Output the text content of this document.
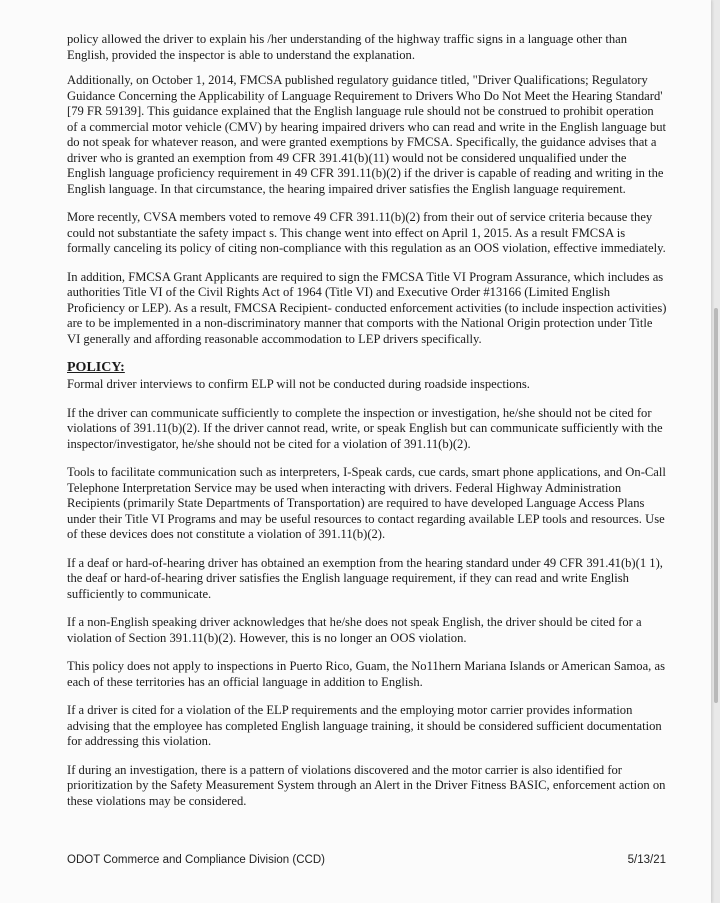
policy allowed the driver to explain his /her understanding of the highway traffic signs in a language other than English, provided the inspector is able to understand the explanation.

Additionally, on October 1, 2014, FMCSA published regulatory guidance titled, "Driver Qualifications; Regulatory Guidance Concerning the Applicability of Language Requirement to Drivers Who Do Not Meet the Hearing Standard' [79 FR 59139]. This guidance explained that the English language rule should not be construed to prohibit operation of a commercial motor vehicle (CMV) by hearing impaired drivers who can read and write in the English language but do not speak for whatever reason, and were granted exemptions by FMCSA. Specifically, the guidance advises that a driver who is granted an exemption from 49 CFR 391.41(b)(11) would not be considered unqualified under the English language proficiency requirement in 49 CFR 391.11(b)(2) if the driver is capable of reading and writing in the English language. In that circumstance, the hearing impaired driver satisfies the English language requirement.

More recently, CVSA members voted to remove 49 CFR 391.11(b)(2) from their out of service criteria because they could not substantiate the safety impact s. This change went into effect on April 1, 2015. As a result FMCSA is formally canceling its policy of citing non-compliance with this regulation as an OOS violation, effective immediately.

In addition, FMCSA Grant Applicants are required to sign the FMCSA Title VI Program Assurance, which includes as authorities Title VI of the Civil Rights Act of 1964 (Title VI) and Executive Order #13166 (Limited English Proficiency or LEP). As a result, FMCSA Recipient- conducted enforcement activities (to include inspection activities) are to be implemented in a non-discriminatory manner that comports with the National Origin protection under Title VI generally and affording reasonable accommodation to LEP drivers specifically.

POLICY:

Formal driver interviews to confirm ELP will not be conducted during roadside inspections.

If the driver can communicate sufficiently to complete the inspection or investigation, he/she should not be cited for violations of 391.11(b)(2). If the driver cannot read, write, or speak English but can communicate sufficiently with the inspector/investigator, he/she should not be cited for a violation of 391.11(b)(2).

Tools to facilitate communication such as interpreters, I-Speak cards, cue cards, smart phone applications, and On-Call Telephone Interpretation Service may be used when interacting with drivers. Federal Highway Administration Recipients (primarily State Departments of Transportation) are required to have developed Language Access Plans under their Title VI Programs and may be useful resources to contact regarding available LEP tools and resources. Use of these devices does not constitute a violation of 391.11(b)(2).

If a deaf or hard-of-hearing driver has obtained an exemption from the hearing standard under 49 CFR 391.41(b)(1 1), the deaf or hard-of-hearing driver satisfies the English language requirement, if they can read and write English sufficiently to communicate.

If a non-English speaking driver acknowledges that he/she does not speak English, the driver should be cited for a violation of Section 391.11(b)(2). However, this is no longer an OOS violation.

This policy does not apply to inspections in Puerto Rico, Guam, the No11hern Mariana Islands or American Samoa, as each of these territories has an official language in addition to English.

If a driver is cited for a violation of the ELP requirements and the employing motor carrier provides information advising that the employee has completed English language training, it should be considered sufficient documentation for addressing this violation.

If during an investigation, there is a pattern of violations discovered and the motor carrier is also identified for prioritization by the Safety Measurement System through an Alert in the Driver Fitness BASIC, enforcement action on these violations may be considered.

ODOT Commerce and Compliance Division (CCD)	5/13/21
